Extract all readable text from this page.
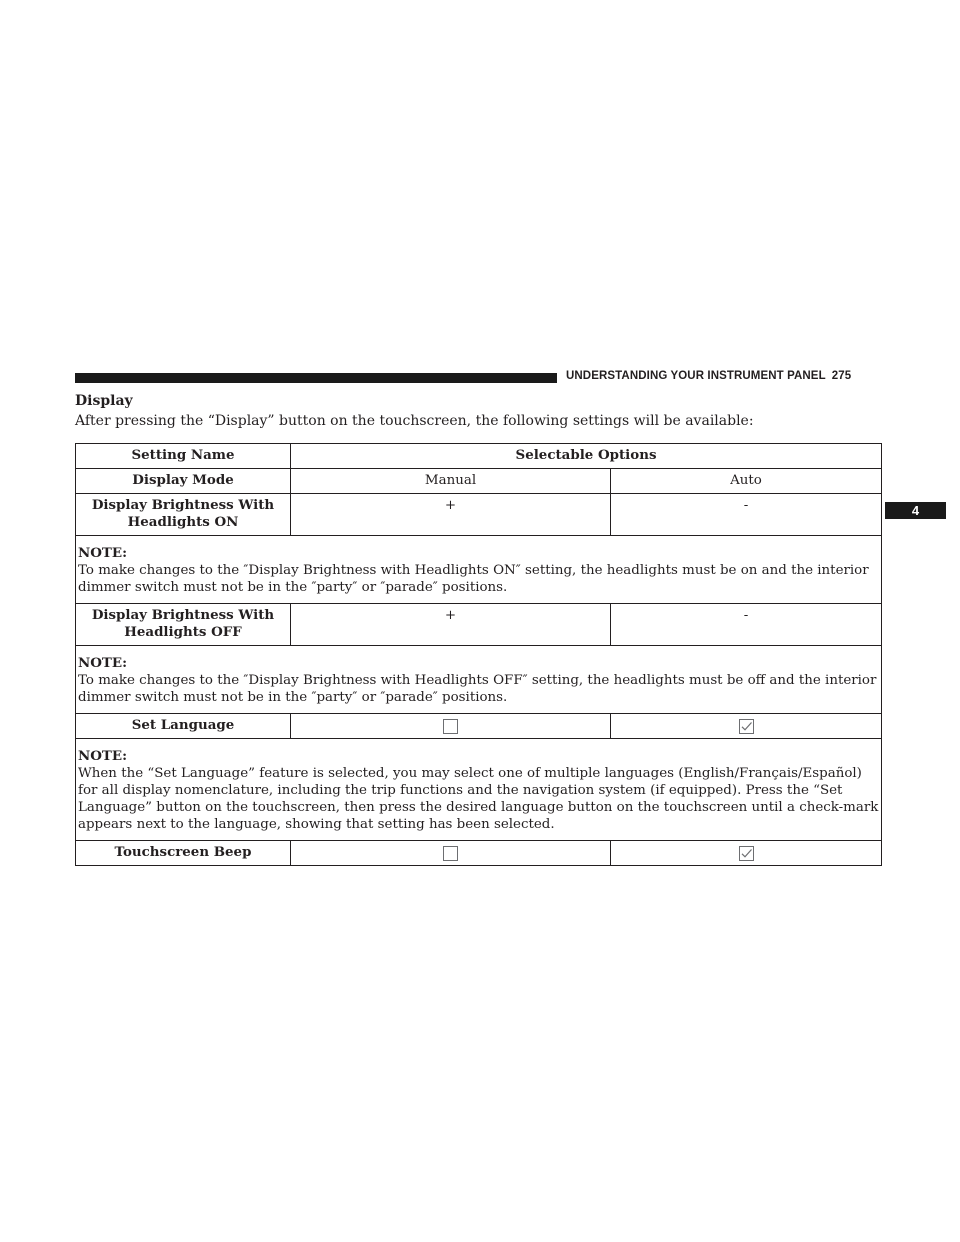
UNDERSTANDING YOUR INSTRUMENT PANEL 275
4
Display
After pressing the “Display” button on the touchscreen, the following settings will be available:
Setting Name	Selectable Options	
Display Mode	Manual	Auto
Display Brightness With
Headlights ON	+	-

NOTE:
To make changes to the ″Display Brightness with Headlights ON″ setting, the headlights must be on and the interior dimmer switch must not be in the ″party″ or ″parade″ positions.		

Display Brightness With
Headlights OFF	+	-

NOTE:
To make changes to the ″Display Brightness with Headlights OFF″ setting, the headlights must be off and the interior dimmer switch must not be in the ″party″ or ″parade″ positions.		

Set Language		

NOTE:
When the “Set Language” feature is selected, you may select one of multiple languages (English/Français/Español) for all display nomenclature, including the trip functions and the navigation system (if equipped). Press the “Set Language” button on the touchscreen, then press the desired language button on the touchscreen until a check-mark appears next to the language, showing that setting has been selected.		

Touchscreen Beep		
